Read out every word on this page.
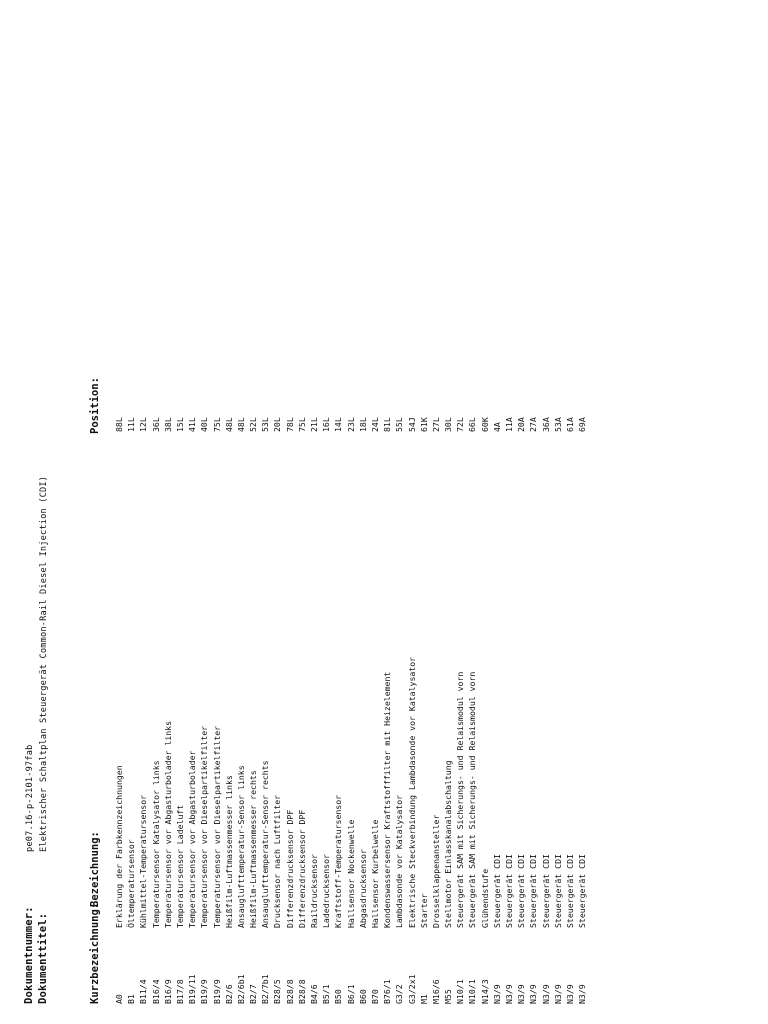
Dokumentnummer:pe07.16-p-2101-97fab
Dokumenttitel:Elektrischer Schaltplan Steuergerät Common-Rail Diesel Injection (CDI)
Kurzbezeichnung:
Bezeichnung:
Position:
A0
Erklärung der Farbkennzeichnungen
88L
B1
Öltemperatursensor
11L
B11/4
Kühlmittel-Temperatursensor
12L
B16/4
Temperatursensor Katalysator links
36L
B16/9
Temperatursensor vor Abgasturbolader links
38L
B17/8
Temperatursensor Ladeluft
15L
B19/11
Temperatursensor vor Abgasturbolader
41L
B19/9
Temperatursensor vor Dieselpartikelfilter
40L
B19/9
Temperatursensor vor Dieselpartikelfilter
75L
B2/6
Heißfilm-Luftmassenmesser links
48L
B2/6b1
Ansauglufttemperatur-Sensor links
48L
B2/7
Heißfilm-Luftmassenmesser rechts
52L
B2/7b1
Ansauglufttemperatur-Sensor rechts
53L
B28/5
Drucksensor nach Luftfilter
20L
B28/8
Differenzdrucksensor DPF
78L
B28/8
Differenzdrucksensor DPF
75L
B4/6
Raildrucksensor
21L
B5/1
Ladedrucksensor
16L
B50
Kraftstoff-Temperatursensor
14L
B6/1
Hallsensor Nockenwelle
23L
B60
Abgasdrucksensor
18L
B70
Hallsensor Kurbelwelle
24L
B76/1
Kondenswassersensor Kraftstofffilter mit Heizelement
81L
G3/2
Lambdasonde vor Katalysator
55L
G3/2x1
Elektrische Steckverbindung Lambdasonde vor Katalysator
54J
M1
Starter
61K
M16/6
Drosselklappenansteller
27L
M55
Stellmotor Einlasskanalabschaltung
30L
N10/1
Steuergerät SAM mit Sicherungs- und Relaismodul vorn
72L
N10/1
Steuergerät SAM mit Sicherungs- und Relaismodul vorn
66L
N14/3
Glühendstufe
60K
N3/9
Steuergerät CDI
4A
N3/9
Steuergerät CDI
11A
N3/9
Steuergerät CDI
20A
N3/9
Steuergerät CDI
27A
N3/9
Steuergerät CDI
36A
N3/9
Steuergerät CDI
53A
N3/9
Steuergerät CDI
61A
N3/9
Steuergerät CDI
69A
